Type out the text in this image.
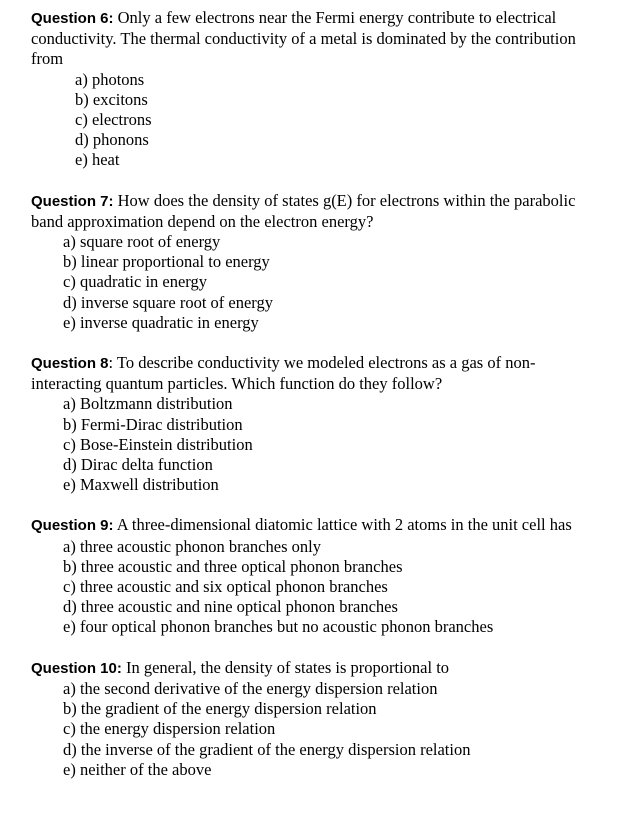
Question 6: Only a few electrons near the Fermi energy contribute to electrical conductivity. The thermal conductivity of a metal is dominated by the contribution from

a) photons
b) excitons
c) electrons
d) phonons
e) heat

Question 7: How does the density of states g(E) for electrons within the parabolic band approximation depend on the electron energy?

a) square root of energy
b) linear proportional to energy
c) quadratic in energy
d) inverse square root of energy
e) inverse quadratic in energy

Question 8: To describe conductivity we modeled electrons as a gas of non-interacting quantum particles. Which function do they follow?

a) Boltzmann distribution
b) Fermi-Dirac distribution
c) Bose-Einstein distribution
d) Dirac delta function
e) Maxwell distribution

Question 9: A three-dimensional diatomic lattice with 2 atoms in the unit cell has

a) three acoustic phonon branches only
b) three acoustic and three optical phonon branches
c) three acoustic and six optical phonon branches
d) three acoustic and nine optical phonon branches
e) four optical phonon branches but no acoustic phonon branches

Question 10: In general, the density of states is proportional to

a) the second derivative of the energy dispersion relation
b) the gradient of the energy dispersion relation
c) the energy dispersion relation
d) the inverse of the gradient of the energy dispersion relation
e) neither of the above
